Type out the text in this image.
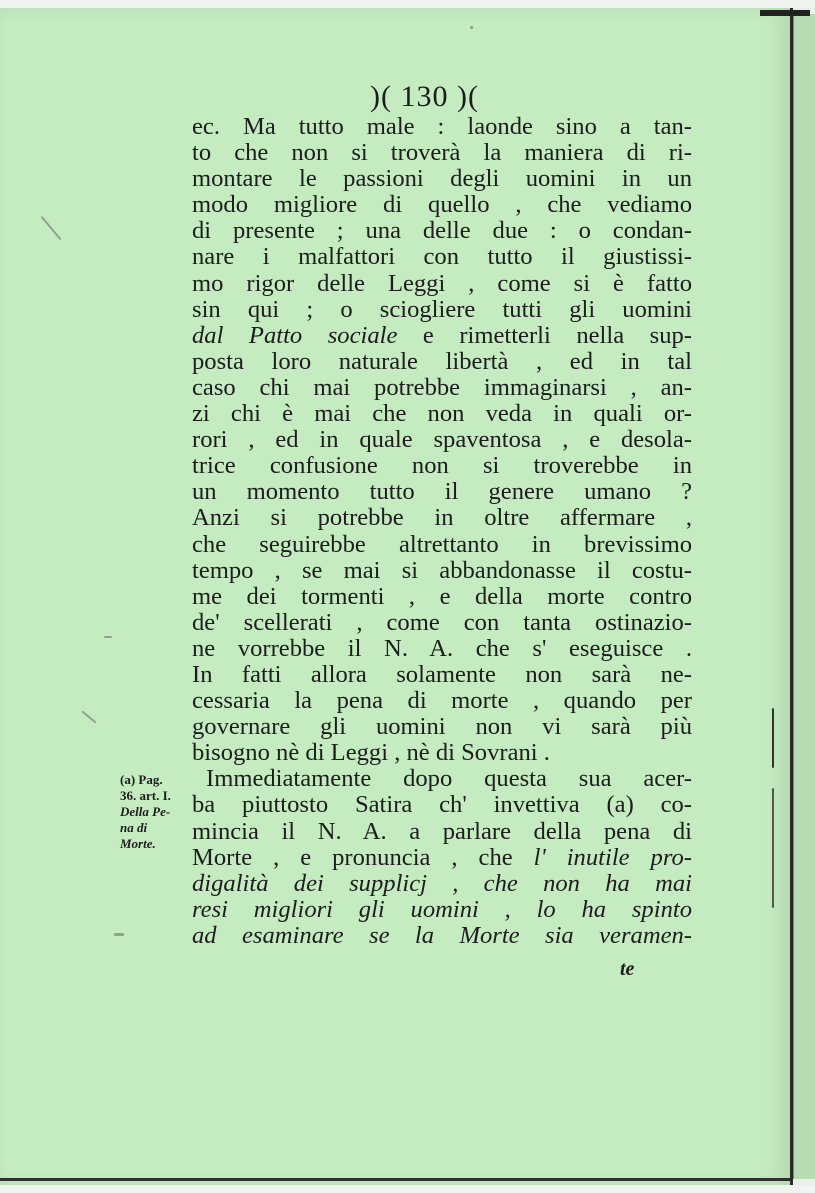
)( 130 )(
ec. Ma tutto male : laonde sino a tan-
to che non si troverà la maniera di ri-
montare le passioni degli uomini in un
modo migliore di quello , che vediamo
di presente ; una delle due : o condan-
nare i malfattori con tutto il giustissi-
mo rigor delle Leggi , come si è fatto
sin qui ; o sciogliere tutti gli uomini
dal Patto sociale e rimetterli nella sup-
posta loro naturale libertà , ed in tal
caso chi mai potrebbe immaginarsi , an-
zi chi è mai che non veda in quali or-
rori , ed in quale spaventosa , e desola-
trice confusione non si troverebbe in
un momento tutto il genere umano ?
Anzi si potrebbe in oltre affermare ,
che seguirebbe altrettanto in brevissimo
tempo , se mai si abbandonasse il costu-
me dei tormenti , e della morte contro
de' scellerati , come con tanta ostinazio-
ne vorrebbe il N. A. che s' eseguisce .
In fatti allora solamente non sarà ne-
cessaria la pena di morte , quando per
governare gli uomini non vi sarà più
bisogno nè di Leggi , nè di Sovrani .
Immediatamente dopo questa sua acer-
ba piuttosto Satira ch' invettiva (a) co-
mincia il N. A. a parlare della pena di
Morte , e pronuncia , che l' inutile pro-
digalità dei supplicj , che non ha mai
resi migliori gli uomini , lo ha spinto
ad esaminare se la Morte sia veramen-
(a) Pag.
36. art. I.
Della Pe-
na di
Morte.
te
